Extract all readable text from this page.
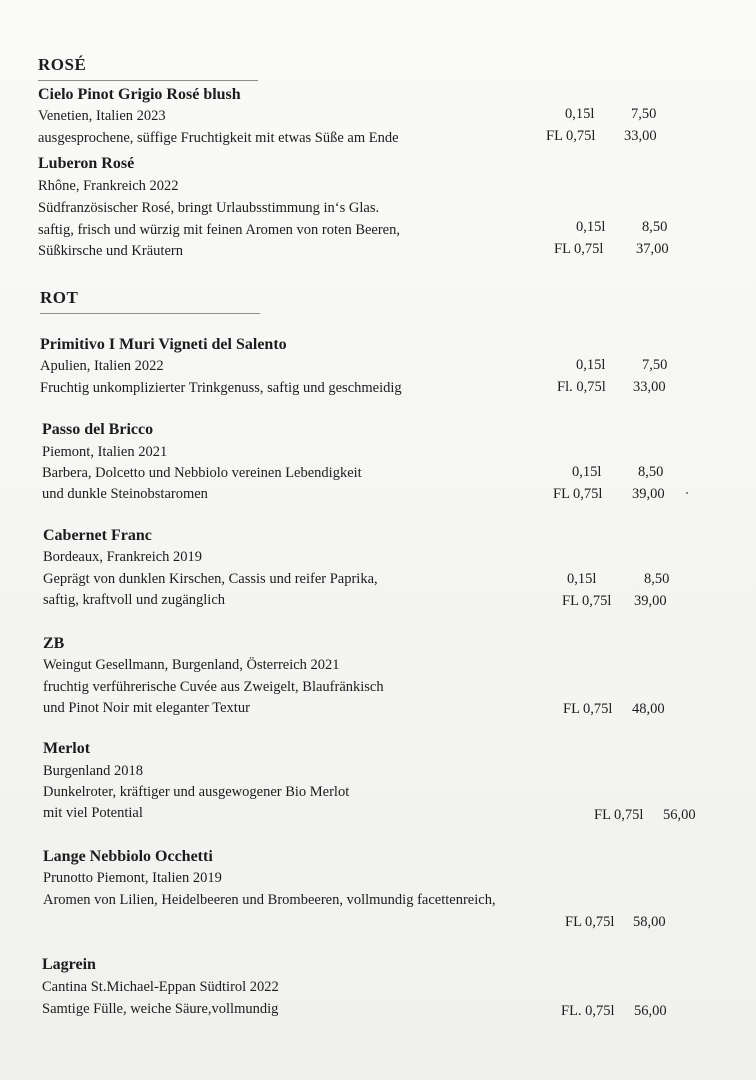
ROSÉ
Cielo Pinot Grigio Rosé blush
Venetien, Italien 2023
ausgesprochene, süffige Fruchtigkeit mit etwas Süße am Ende
0,15l	7,50
FL 0,75l 33,00
Luberon Rosé
Rhône, Frankreich 2022
Südfranzösischer Rosé, bringt Urlaubsstimmung in‘s Glas.
saftig, frisch und würzig mit feinen Aromen von roten Beeren,
Süßkirsche und Kräutern
0,15l	8,50
FL 0,75l 37,00
ROT
Primitivo I Muri Vigneti del Salento
Apulien, Italien 2022
Fruchtig unkomplizierter Trinkgenuss, saftig und geschmeidig
0,15l	7,50
Fl. 0,75l 33,00
Passo del Bricco
Piemont, Italien 2021
Barbera, Dolcetto und Nebbiolo vereinen Lebendigkeit
und dunkle Steinobstaromen
0,15l	8,50
FL 0,75l 39,00
Cabernet Franc
Bordeaux, Frankreich 2019
Geprägt von dunklen Kirschen, Cassis und reifer Paprika,
saftig, kraftvoll und zugänglich
0,15l	8,50
FL 0,75l 39,00
ZB
Weingut Gesellmann, Burgenland, Österreich 2021
fruchtig verführerische Cuvée aus Zweigelt, Blaufränkisch
und Pinot Noir mit eleganter Textur	FL 0,75l 48,00
Merlot
Burgenland 2018
Dunkelroter, kräftiger und ausgewogener Bio Merlot
mit viel Potential	FL 0,75l 56,00
Lange Nebbiolo Occhetti
Prunotto Piemont, Italien 2019
Aromen von Lilien, Heidelbeeren und Brombeeren, vollmundig facettenreich,
FL 0,75l 58,00
Lagrein
Cantina St.Michael-Eppan Südtirol 2022
Samtige Fülle, weiche Säure,vollmundig	FL. 0,75l 56,00
